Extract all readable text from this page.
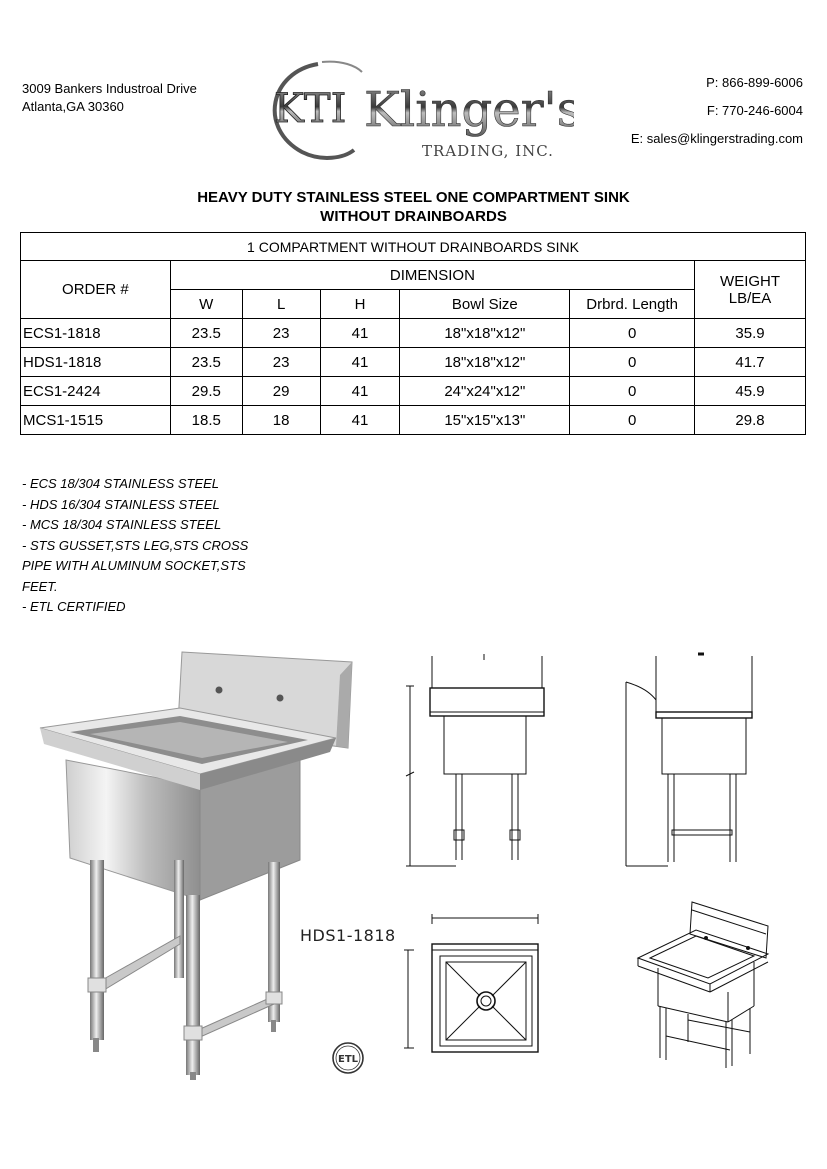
3009 Bankers Industroal Drive
Atlanta,GA 30360	KTI Klinger's
TRADING, INC.
P: 866-899-6006
F: 770-246-6004
E: sales@klingerstrading.com
HEAVY DUTY STAINLESS STEEL ONE COMPARTMENT SINK
WITHOUT DRAINBOARDS
1 COMPARTMENT WITHOUT DRAINBOARDS SINK						
ORDER #	DIMENSION					WEIGHT
LB/EA

	W	L	H	Bowl Size	Drbrd. Length	
ECS1-1818	23.5	23	41	18"x18"x12"	0	35.9
HDS1-1818	23.5	23	41	18"x18"x12"	0	41.7
ECS1-2424	29.5	29	41	24"x24"x12"	0	45.9
MCS1-1515	18.5	18	41	15"x15"x13"	0	29.8
- ECS 18/304 STAINLESS STEEL
- HDS 16/304 STAINLESS STEEL
- MCS 18/304 STAINLESS STEEL
- STS GUSSET,STS LEG,STS CROSS
PIPE WITH ALUMINUM SOCKET,STS
FEET.
- ETL CERTIFIED
HDS1-1818
ETL
